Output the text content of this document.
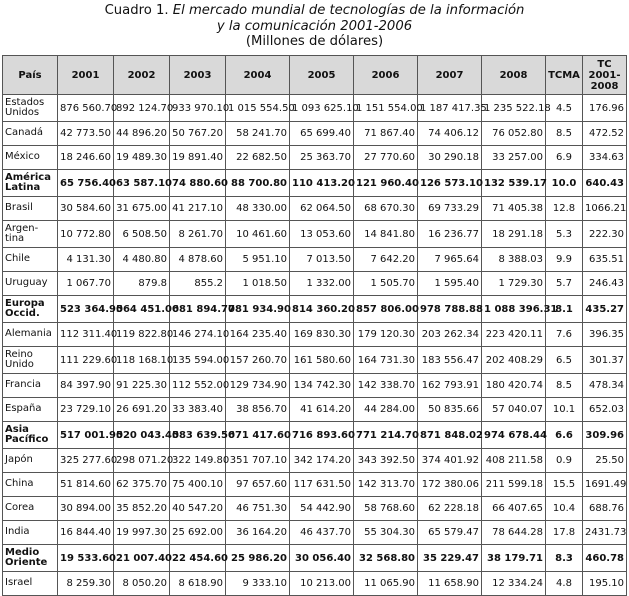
Cuadro 1. El mercado mundial de tecnologías de la información
y la comunicación 2001-2006
(Millones de dólares)
País	2001	2002	2003	2004	2005	2006	2007	2008	TCMA	TC 2001-2008
Estados Unidos	876 560.70	892 124.70	933 970.10	1 015 554.50	1 093 625.10	1 151 554.00	1 187 417.35	1 235 522.18	4.5	176.96
Canadá	42 773.50	44 896.20	50 767.20	58 241.70	65 699.40	71 867.40	74 406.12	76 052.80	8.5	472.52
México	18 246.60	19 489.30	19 891.40	22 682.50	25 363.70	27 770.60	30 290.18	33 257.00	6.9	334.63
América Latina	65 756.40	63 587.10	74 880.60	88 700.80	110 413.20	121 960.40	126 573.10	132 539.17	10.0	640.43
Brasil	30 584.60	31 675.00	41 217.10	48 330.00	62 064.50	68 670.30	69 733.29	71 405.38	12.8	1066.21
Argen-tina	10 772.80	6 508.50	8 261.70	10 461.60	13 053.60	14 841.80	16 236.77	18 291.18	5.3	222.30
Chile	4 131.30	4 480.80	4 878.60	5 951.10	7 013.50	7 642.20	7 965.64	8 388.03	9.9	635.51
Uruguay	1 067.70	879.8	855.2	1 018.50	1 332.00	1 505.70	1 595.40	1 729.30	5.7	246.43
Europa Occid.	523 364.90	564 451.00	681 894.70	781 934.90	814 360.20	857 806.00	978 788.88	1 088 396.31	8.1	435.27
Alemania	112 311.40	119 822.80	146 274.10	164 235.40	169 830.30	179 120.30	203 262.34	223 420.11	7.6	396.35
Reino Unido	111 229.60	118 168.10	135 594.00	157 260.70	161 580.60	164 731.30	183 556.47	202 408.29	6.5	301.37
Francia	84 397.90	91 225.30	112 552.00	129 734.90	134 742.30	142 338.70	162 793.91	180 420.74	8.5	478.34
España	23 729.10	26 691.20	33 383.40	38 856.70	41 614.20	44 284.00	50 835.66	57 040.07	10.1	652.03
Asia Pacífico	517 001.90	520 043.40	583 639.50	671 417.60	716 893.60	771 214.70	871 848.02	974 678.44	6.6	309.96
Japón	325 277.60	298 071.20	322 149.80	351 707.10	342 174.20	343 392.50	374 401.92	408 211.58	0.9	25.50
China	51 814.60	62 375.70	75 400.10	97 657.60	117 631.50	142 313.70	172 380.06	211 599.18	15.5	1691.49
Corea	30 894.00	35 852.20	40 547.20	46 751.30	54 442.90	58 768.60	62 228.18	66 407.65	10.4	688.76
India	16 844.40	19 997.30	25 692.00	36 164.20	46 437.70	55 304.30	65 579.47	78 644.28	17.8	2431.73
Medio Oriente	19 533.60	21 007.40	22 454.60	25 986.20	30 056.40	32 568.80	35 229.47	38 179.71	8.3	460.78
Israel	8 259.30	8 050.20	8 618.90	9 333.10	10 213.00	11 065.90	11 658.90	12 334.24	4.8	195.10
